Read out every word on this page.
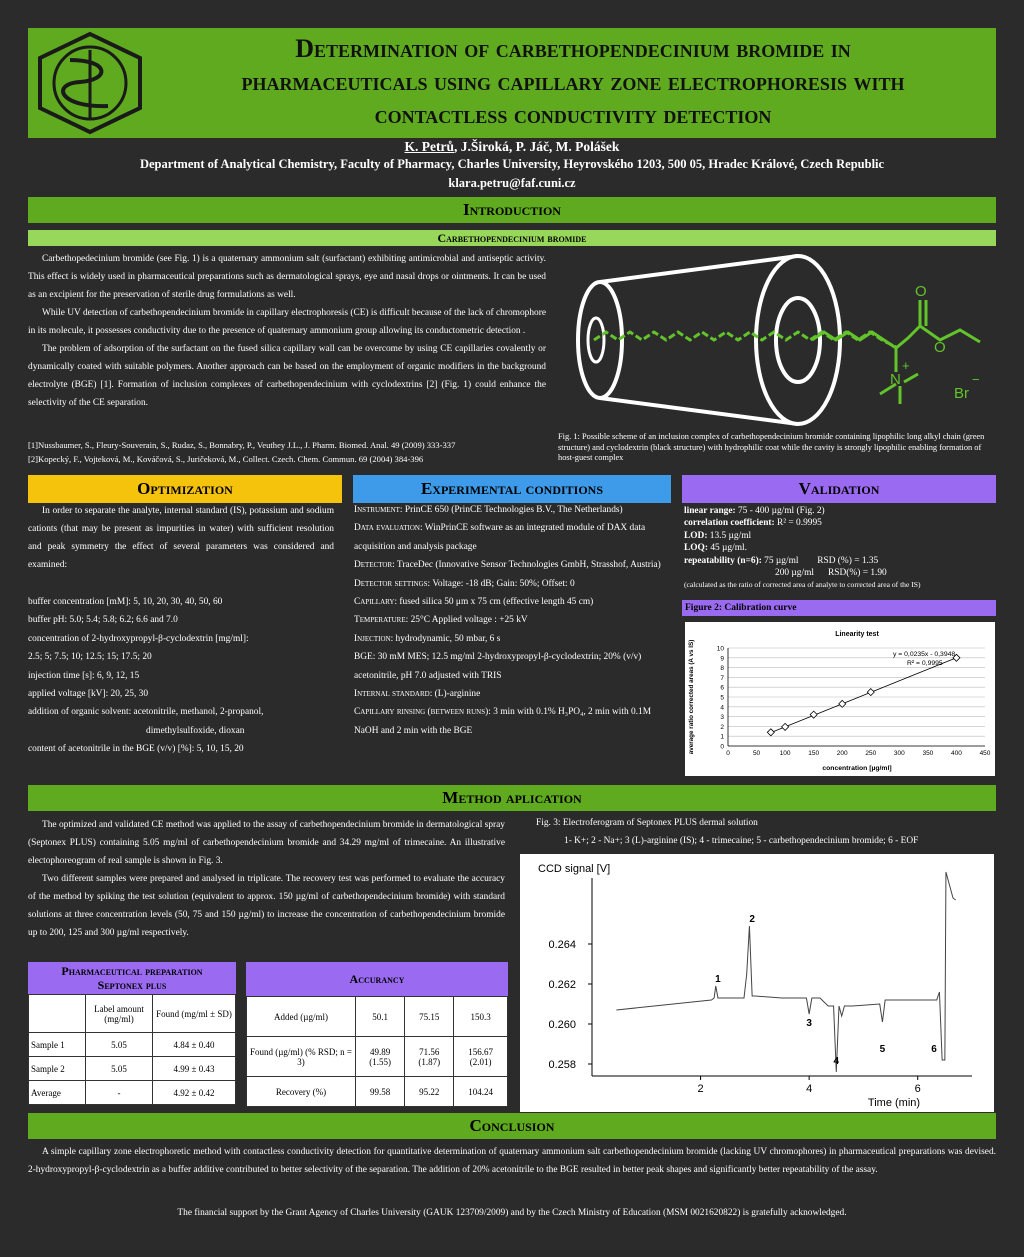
Determination of carbethopendecinium bromide in
pharmaceuticals using capillary zone electrophoresis with
contactless conductivity detection
K. Petrů, J.Široká, P. Jáč, M. Polášek
Department of Analytical Chemistry, Faculty of Pharmacy, Charles University, Heyrovského 1203, 500 05, Hradec Králové, Czech Republic
klara.petru@faf.cuni.cz
Introduction
Carbethopendecinium bromide

Carbethopedecinium bromide (see Fig. 1) is a quaternary ammonium salt (surfactant) exhibiting antimicrobial and antiseptic activity. This effect is widely used in pharmaceutical preparations such as dermatological sprays, eye and nasal drops or ointments. It can be used as an excipient for the preservation of sterile drug formulations as well.

While UV detection of carbethopendecinium bromide in capillary electrophoresis (CE) is difficult because of the lack of chromophore in its molecule, it possesses conductivity due to the presence of quaternary ammonium group allowing its conductometric detection .

The problem of adsorption of the surfactant on the fused silica capillary wall can be overcome by using CE capillaries covalently or dynamically coated with suitable polymers. Another approach can be based on the employment of organic modifiers in the background electrolyte (BGE) [1]. Formation of inclusion complexes of carbethopendecinium with cyclodextrins [2] (Fig. 1) could enhance the selectivity of the CE separation.

[1]Nussbaumer, S., Fleury-Souverain, S., Rudaz, S., Bonnabry, P., Veuthey J.L., J. Pharm. Biomed. Anal. 49 (2009) 333-337
[2]Kopecký, F., Vojteková, M., Kováčová, S., Juričeková, M., Collect. Czech. Chem. Commun. 69 (2004) 384-396
O
O
N
+
Br
−
Fig. 1: Possible scheme of an inclusion complex of carbethopendecinium bromide containing lipophilic long alkyl chain (green structure) and cyclodextrin (black structure) with hydrophilic coat while the cavity is strongly lipophilic enabling formation of host-guest complex
Optimization
In order to separate the analyte, internal standard (IS), potassium and sodium cationts (that may be present as impurities in water) with sufficient resolution and peak symmetry the effect of several parameters was considered and examined:
buffer concentration [mM]: 5, 10, 20, 30, 40, 50, 60
buffer pH: 5.0; 5.4; 5.8; 6.2; 6.6 and 7.0
concentration of 2-hydroxypropyl-β-cyclodextrin [mg/ml]:
2.5; 5; 7.5; 10; 12.5; 15; 17.5; 20
injection time [s]: 6, 9, 12, 15
applied voltage [kV]: 20, 25, 30
addition of organic solvent: acetonitrile, methanol, 2-propanol,
dimethylsulfoxide, dioxan
content of acetonitrile in the BGE (v/v) [%]: 5, 10, 15, 20
Experimental conditions
Instrument: PrinCE 650 (PrinCE Technologies B.V., The Netherlands)
Data evaluation: WinPrinCE software as an integrated module of DAX data acquisition and analysis package
Detector: TraceDec (Innovative Sensor Technologies GmbH, Strasshof, Austria)
Detector settings: Voltage: -18 dB; Gain: 50%; Offset: 0
Capillary: fused silica 50 μm x 75 cm (effective length 45 cm)
Temperature: 25°C Applied voltage : +25 kV
Injection: hydrodynamic, 50 mbar, 6 s
BGE: 30 mM MES; 12.5 mg/ml 2-hydroxypropyl-β-cyclodextrin; 20% (v/v) acetonitrile, pH 7.0 adjusted with TRIS
Internal standard: (L)-arginine
Capillary rinsing (between runs): 3 min with 0.1% H₃PO₄, 2 min with 0.1M NaOH and 2 min with the BGE
Validation
linear range: 75 - 400 µg/ml (Fig. 2)
correlation coefficient: R² = 0.9995
LOD: 13.5 µg/ml
LOQ: 45 µg/ml.
repeatability (n=6): 75 µg/ml        RSD (%) = 1.35
200 µg/ml      RSD(%) = 1.90
(calculated as the ratio of corrected area of analyte to corrected area of the IS)
Figure 2: Calibration curve
Linearity test
0
1
2
3
4
5
6
7
8
9
10
0	50	100	150	200	250	300	350	400	450
y = 0,0235x - 0,3948
R² = 0,9995
concentration [µg/ml]
average ratio corrected areas (A vs IS)
Method aplication

The optimized and validated CE method was applied to the assay of carbethopendecinium bromide in dermatological spray (Septonex PLUS) containing 5.05 mg/ml of carbethopendecinium bromide and 34.29 mg/ml of trimecaine. An illustrative electophoreogram of real sample is shown in Fig. 3.

Two different samples were prepared and analysed in triplicate. The recovery test was performed to evaluate the accuracy of the method by spiking the test solution (equivalent to approx. 150 µg/ml of carbethopendecinium bromide) with standard solutions at three concentration levels (50, 75 and 150 µg/ml) to increase the concentration of carbethopendecinium bromide up to 200, 125 and 300 µg/ml respectively.

Fig. 3: Electroferogram of Septonex PLUS dermal solution
1- K+; 2 - Na+; 3 (L)-arginine (IS); 4 - trimecaine; 5 - carbethopendecinium bromide; 6 - EOF
CCD signal [V]
0.258
0.260
0.262
0.264
2	4	6
Time (min)
1
2
3
4
5	6
Pharmaceutical preparation
Septonex plus
	Label amount (mg/ml)	Found (mg/ml ± SD)
Sample 1	5.05	4.84 ± 0.40
Sample 2	5.05	4.99 ± 0.43
Average	-	4.92 ± 0.42
Accurancy
Added (µg/ml)	50.1	75.15	150.3
Found (µg/ml) (% RSD; n = 3)	49.89 (1.55)	71.56 (1.87)	156.67 (2.01)
Recovery (%)	99.58	95.22	104.24
Conclusion
A simple capillary zone electrophoretic method with contactless conductivity detection for quantitative determination of quaternary ammonium salt carbethopendecinium bromide (lacking UV chromophores) in pharmaceutical preparations was devised. 2-hydroxypropyl-β-cyclodextrin as a buffer additive contributed to better selectivity of the separation. The addition of 20% acetonitrile to the BGE resulted in better peak shapes and significantly better repeatability of the assay.
The financial support by the Grant Agency of Charles University (GAUK 123709/2009) and by the Czech Ministry of Education (MSM 0021620822) is gratefully acknowledged.
